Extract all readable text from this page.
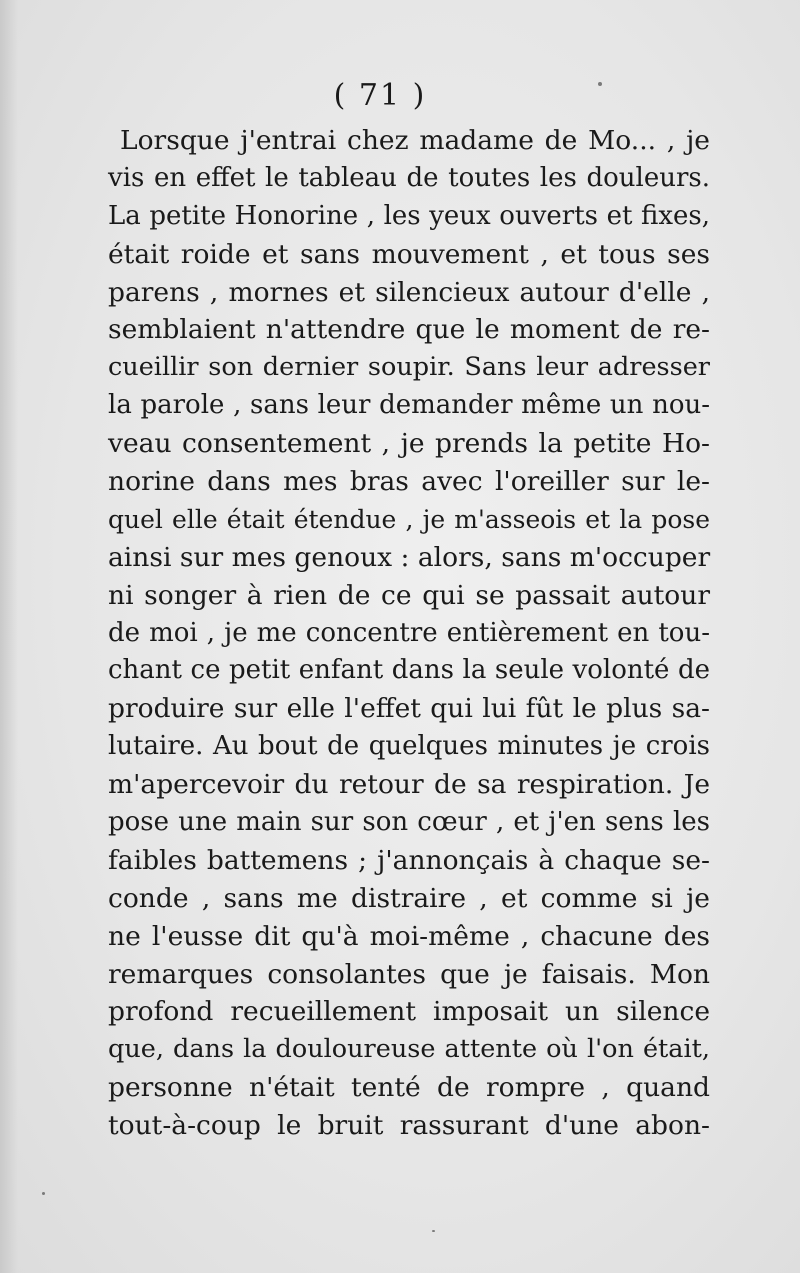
( 71 )
Lorsque j'entrai chez madame de Mo... , je
vis en effet le tableau de toutes les douleurs.
La petite Honorine , les yeux ouverts et fixes,
était roide et sans mouvement , et tous ses
parens , mornes et silencieux autour d'elle ,
semblaient n'attendre que le moment de re-
cueillir son dernier soupir. Sans leur adresser
la parole , sans leur demander même un nou-
veau consentement , je prends la petite Ho-
norine dans mes bras avec l'oreiller sur le-
quel elle était étendue , je m'asseois et la pose
ainsi sur mes genoux : alors, sans m'occuper
ni songer à rien de ce qui se passait autour
de moi , je me concentre entièrement en tou-
chant ce petit enfant dans la seule volonté de
produire sur elle l'effet qui lui fût le plus sa-
lutaire. Au bout de quelques minutes je crois
m'apercevoir du retour de sa respiration. Je
pose une main sur son cœur , et j'en sens les
faibles battemens ; j'annonçais à chaque se-
conde , sans me distraire , et comme si je
ne l'eusse dit qu'à moi-même , chacune des
remarques consolantes que je faisais. Mon
profond recueillement imposait un silence
que, dans la douloureuse attente où l'on était,
personne n'était tenté de rompre , quand
tout-à-coup le bruit rassurant d'une abon-
